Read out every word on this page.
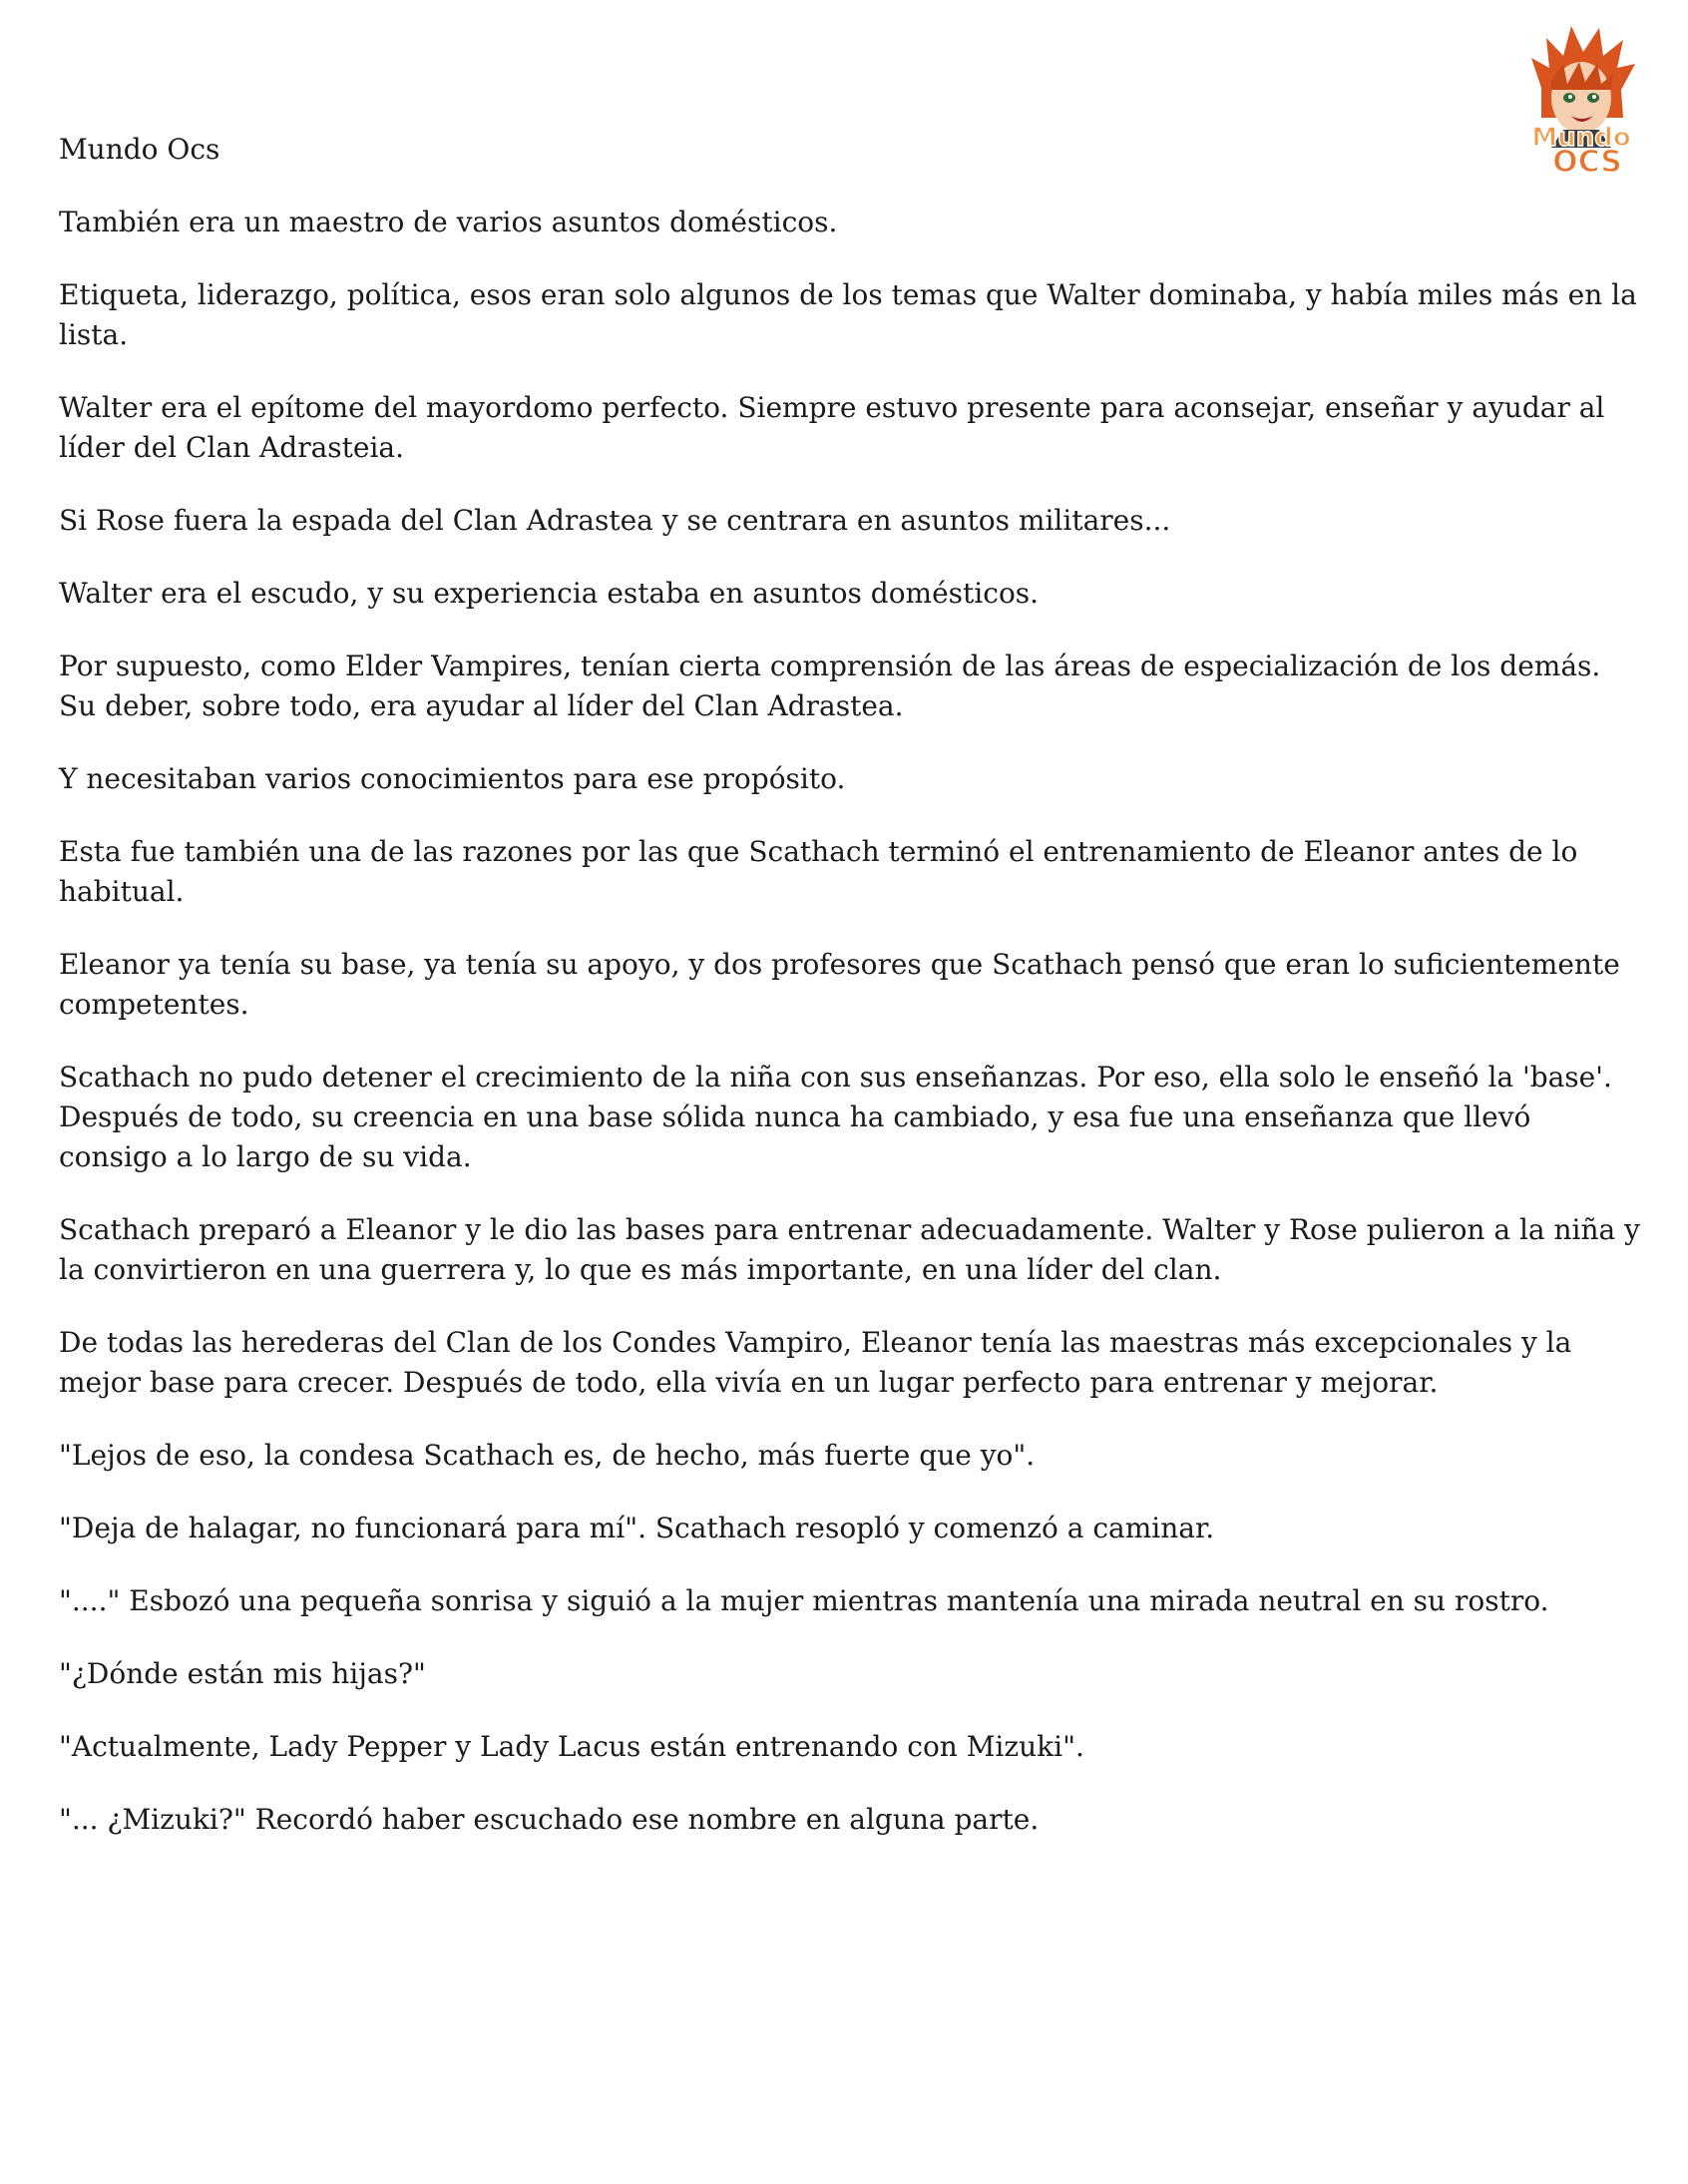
Mundo
OCS

Mundo Ocs

También era un maestro de varios asuntos domésticos.

Etiqueta, liderazgo, política, esos eran solo algunos de los temas que Walter dominaba, y había miles más en la lista.

Walter era el epítome del mayordomo perfecto. Siempre estuvo presente para aconsejar, enseñar y ayudar al líder del Clan Adrasteia.

Si Rose fuera la espada del Clan Adrastea y se centrara en asuntos militares...

Walter era el escudo, y su experiencia estaba en asuntos domésticos.

Por supuesto, como Elder Vampires, tenían cierta comprensión de las áreas de especialización de los demás. Su deber, sobre todo, era ayudar al líder del Clan Adrastea.

Y necesitaban varios conocimientos para ese propósito.

Esta fue también una de las razones por las que Scathach terminó el entrenamiento de Eleanor antes de lo habitual.

Eleanor ya tenía su base, ya tenía su apoyo, y dos profesores que Scathach pensó que eran lo suficientemente competentes.

Scathach no pudo detener el crecimiento de la niña con sus enseñanzas. Por eso, ella solo le enseñó la 'base'. Después de todo, su creencia en una base sólida nunca ha cambiado, y esa fue una enseñanza que llevó consigo a lo largo de su vida.

Scathach preparó a Eleanor y le dio las bases para entrenar adecuadamente. Walter y Rose pulieron a la niña y la convirtieron en una guerrera y, lo que es más importante, en una líder del clan.

De todas las herederas del Clan de los Condes Vampiro, Eleanor tenía las maestras más excepcionales y la mejor base para crecer. Después de todo, ella vivía en un lugar perfecto para entrenar y mejorar.

"Lejos de eso, la condesa Scathach es, de hecho, más fuerte que yo".

"Deja de halagar, no funcionará para mí". Scathach resopló y comenzó a caminar.

"...." Esbozó una pequeña sonrisa y siguió a la mujer mientras mantenía una mirada neutral en su rostro.

"¿Dónde están mis hijas?"

"Actualmente, Lady Pepper y Lady Lacus están entrenando con Mizuki".

"... ¿Mizuki?" Recordó haber escuchado ese nombre en alguna parte.
